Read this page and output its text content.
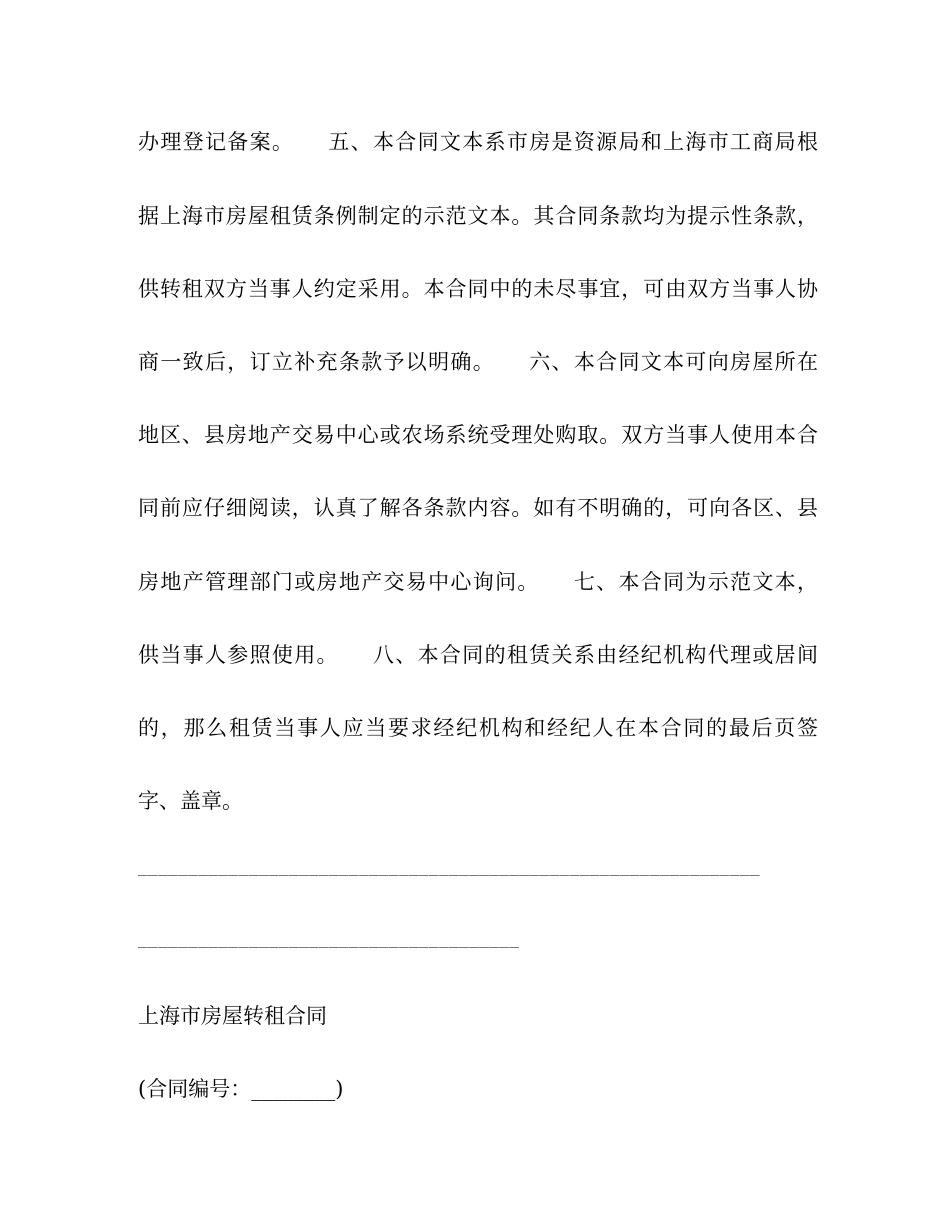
办理登记备案。　　五、本合同文本系市房是资源局和上海市工商局根
据上海市房屋租赁条例制定的示范文本。其合同条款均为提示性条款，
供转租双方当事人约定采用。本合同中的未尽事宜，可由双方当事人协
商一致后，订立补充条款予以明确。　　六、本合同文本可向房屋所在
地区、县房地产交易中心或农场系统受理处购取。双方当事人使用本合
同前应仔细阅读，认真了解各条款内容。如有不明确的，可向各区、县
房地产管理部门或房地产交易中心询问。　　七、本合同为示范文本，
供当事人参照使用。　　八、本合同的租赁关系由经纪机构代理或居间
的，那么租赁当事人应当要求经纪机构和经纪人在本合同的最后页签
字、盖章。
______________________________________________________________
______________________________________
上海市房屋转租合同
(合同编号：________)
